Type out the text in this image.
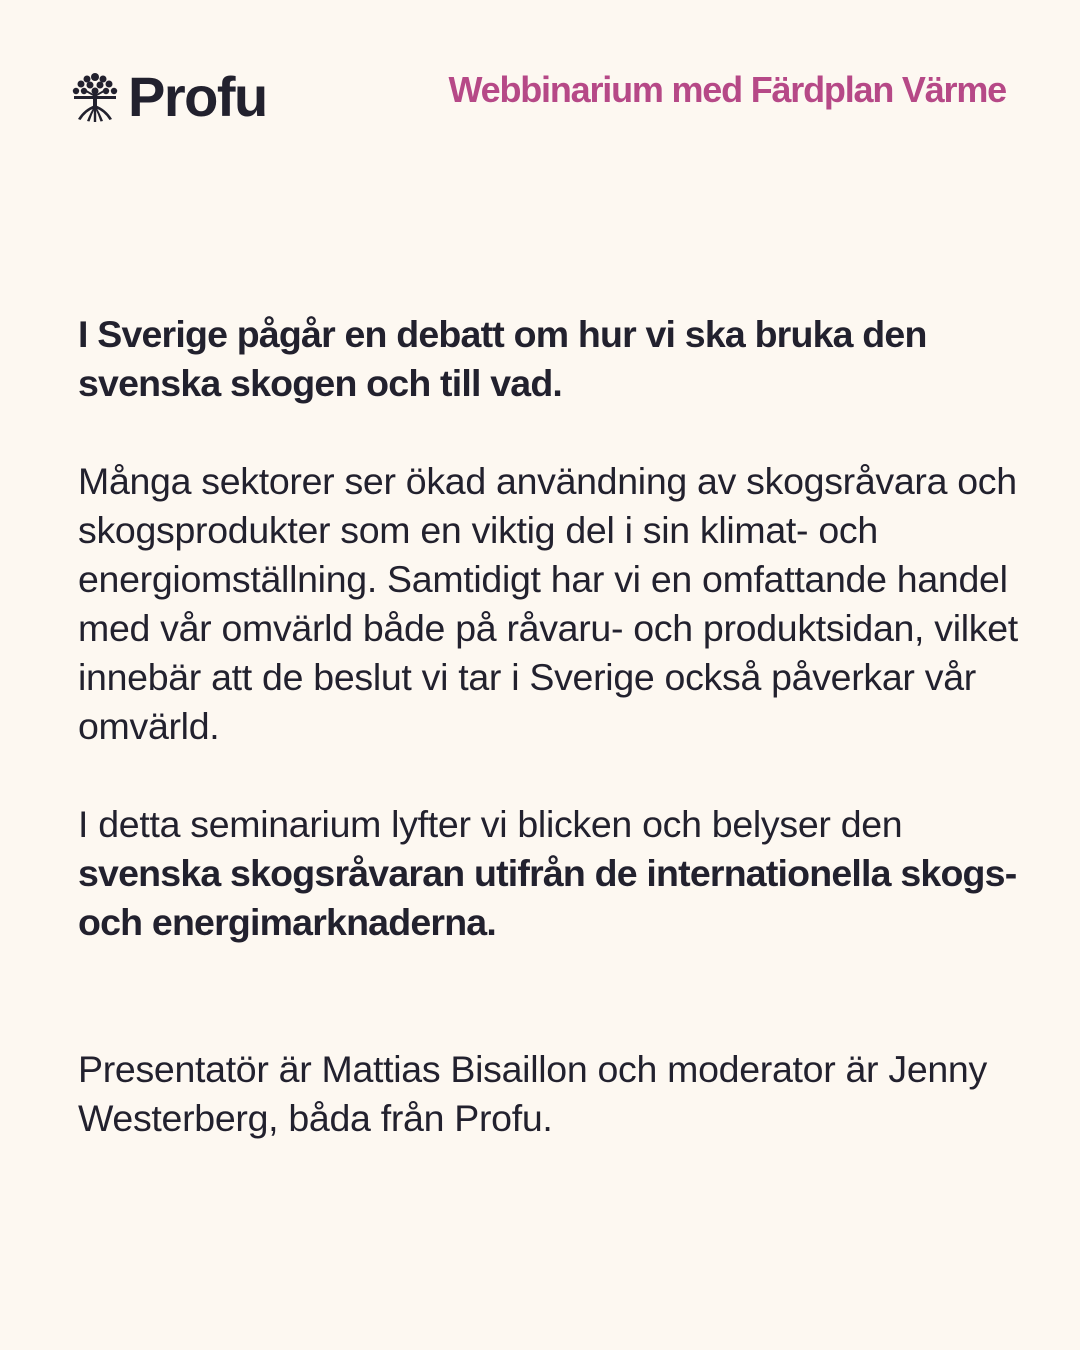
Profu	Webbinarium med Färdplan Värme

I Sverige pågår en debatt om hur vi ska bruka den svenska skogen och till vad.

Många sektorer ser ökad användning av skogsråvara och skogsprodukter som en viktig del i sin klimat- och energiomställning. Samtidigt har vi en omfattande handel med vår omvärld både på råvaru- och produktsidan, vilket innebär att de beslut vi tar i Sverige också påverkar vår omvärld.

I detta seminarium lyfter vi blicken och belyser den svenska skogsråvaran utifrån de internationella skogs- och energimarknaderna.

Presentatör är Mattias Bisaillon och moderator är Jenny Westerberg, båda från Profu.
